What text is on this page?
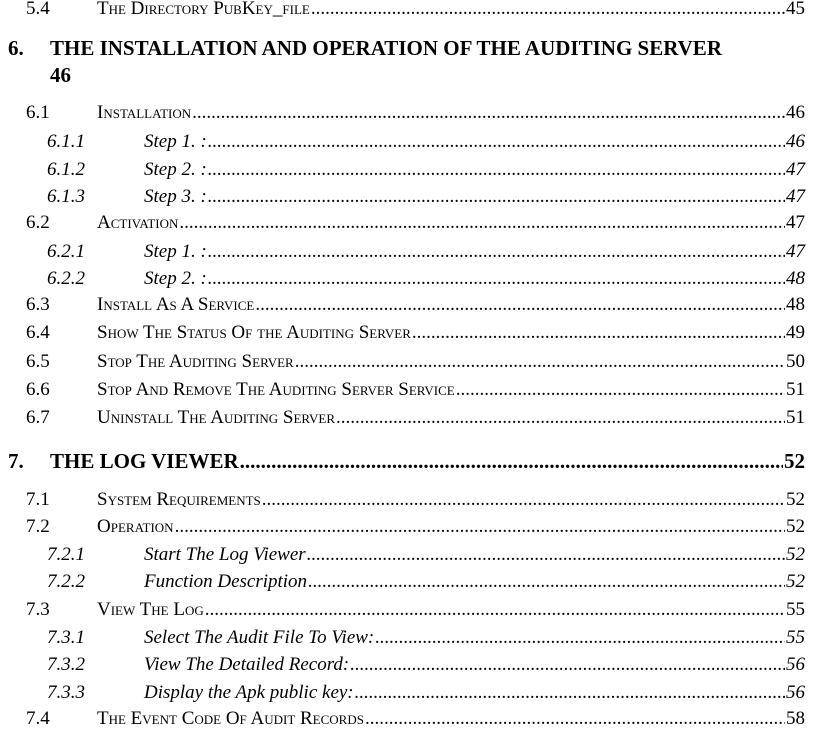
5.4	The Directory PubKey_file .....	45
6. THE INSTALLATION AND OPERATION OF THE AUDITING SERVER
46
6.1	Installation .....	46
6.1.1	Step 1. : .....	46
6.1.2	Step 2. : .....	47
6.1.3	Step 3. : .....	47
6.2	Activation .....	47
6.2.1	Step 1. : .....	47
6.2.2	Step 2. : .....	48
6.3	Install As A Service .....	48
6.4	Show The Status Of the Auditing Server .....	49
6.5	Stop The Auditing Server .....	50
6.6	Stop And Remove The Auditing Server Service .....	51
6.7	Uninstall The Auditing Server .....	51
7.	THE LOG VIEWER .....	52
7.1	System Requirements .....	52
7.2	Operation .....	52
7.2.1	Start The Log Viewer .....	52
7.2.2	Function Description .....	52
7.3	View The Log .....	55
7.3.1	Select The Audit File To View: .....	55
7.3.2	View The Detailed Record: .....	56
7.3.3	Display the Apk public key: .....	56
7.4	The Event Code Of Audit Records .....	58
